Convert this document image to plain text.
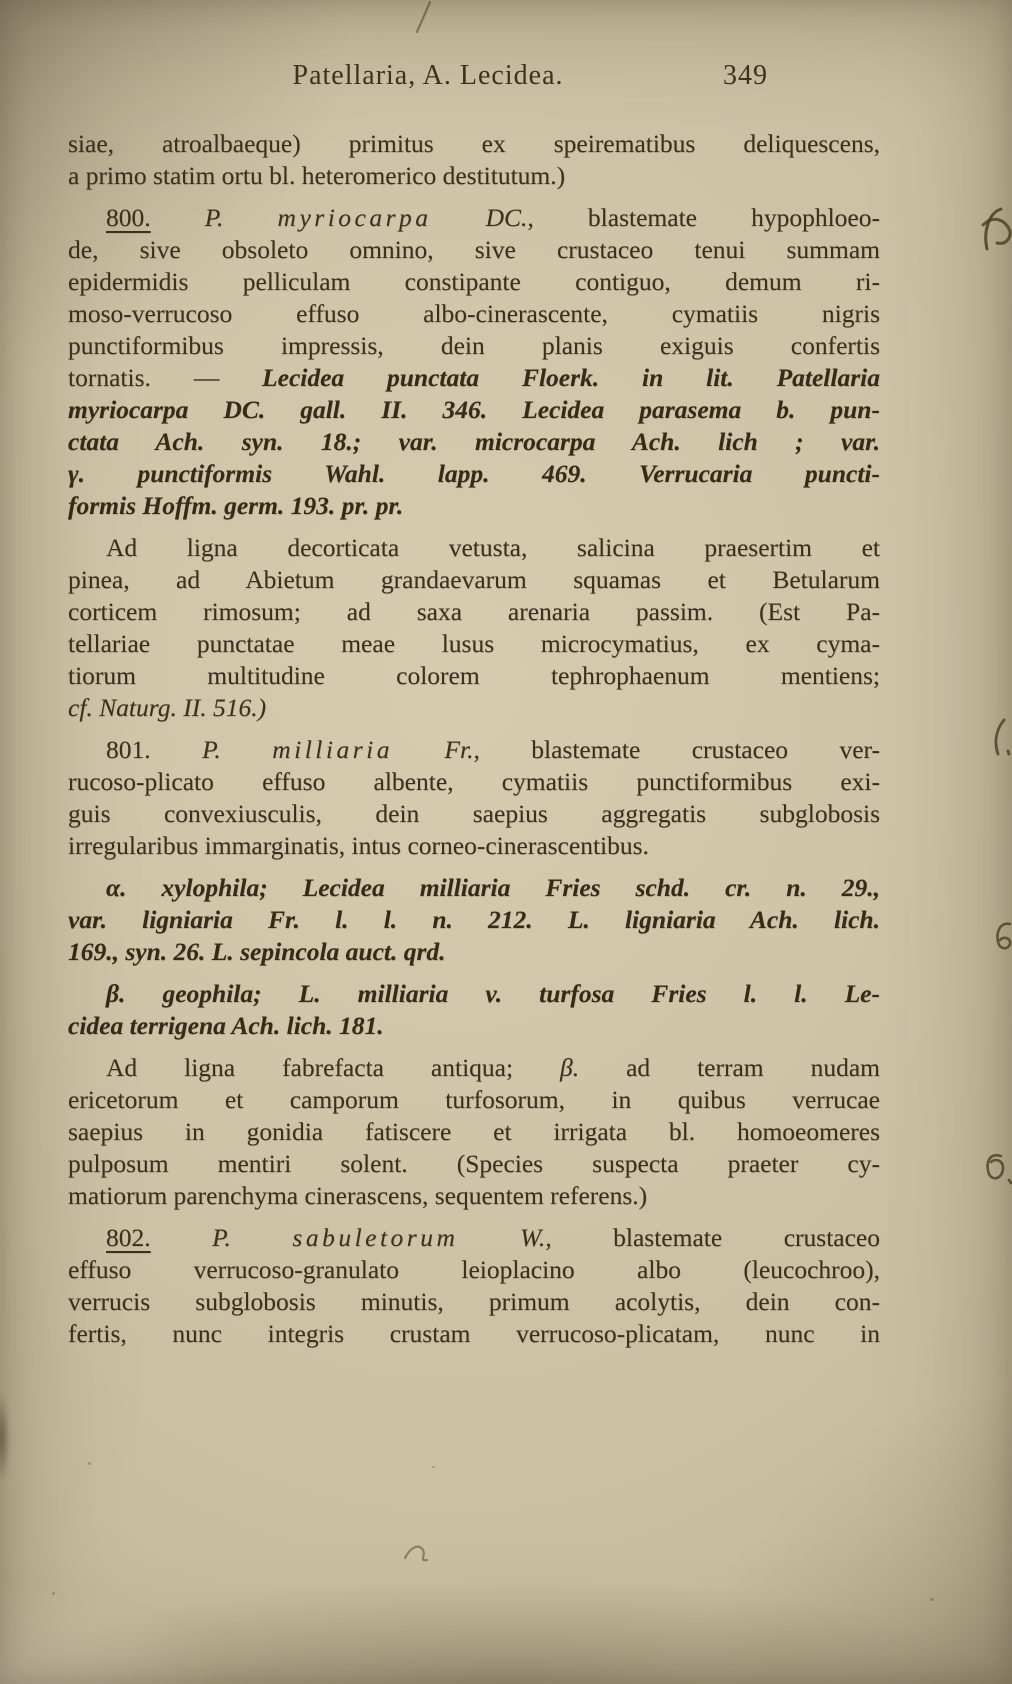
Patellaria, A. Lecidea.	349
siae, atroalbaeque) primitus ex speirematibus deliquescens,
a primo statim ortu bl. heteromerico destitutum.)
800. P. myriocarpa DC., blastemate hypophloeo-
de, sive obsoleto omnino, sive crustaceo tenui summam
epidermidis pelliculam constipante contiguo, demum ri-
moso-verrucoso effuso albo-cinerascente, cymatiis nigris
punctiformibus impressis, dein planis exiguis confertis
tornatis. — Lecidea punctata Floerk. in lit. Patellaria
myriocarpa DC. gall. II. 346. Lecidea parasema b. pun-
ctata Ach. syn. 18.; var. microcarpa Ach. lich ; var.
γ. punctiformis Wahl. lapp. 469. Verrucaria puncti-
formis Hoffm. germ. 193. pr. pr.
Ad ligna decorticata vetusta, salicina praesertim et
pinea, ad Abietum grandaevarum squamas et Betularum
corticem rimosum; ad saxa arenaria passim. (Est Pa-
tellariae punctatae meae lusus microcymatius, ex cyma-
tiorum multitudine colorem tephrophaenum mentiens;
cf. Naturg. II. 516.)
801. P. milliaria Fr., blastemate crustaceo ver-
rucoso-plicato effuso albente, cymatiis punctiformibus exi-
guis convexiusculis, dein saepius aggregatis subglobosis
irregularibus immarginatis, intus corneo-cinerascentibus.
α. xylophila; Lecidea milliaria Fries schd. cr. n. 29.,
var. ligniaria Fr. l. l. n. 212. L. ligniaria Ach. lich.
169., syn. 26. L. sepincola auct. qrd.
β. geophila; L. milliaria v. turfosa Fries l. l. Le-
cidea terrigena Ach. lich. 181.
Ad ligna fabrefacta antiqua; β. ad terram nudam
ericetorum et camporum turfosorum, in quibus verrucae
saepius in gonidia fatiscere et irrigata bl. homoeomeres
pulposum mentiri solent. (Species suspecta praeter cy-
matiorum parenchyma cinerascens, sequentem referens.)
802. P. sabuletorum W., blastemate crustaceo
effuso verrucoso-granulato leioplacino albo (leucochroo),
verrucis subglobosis minutis, primum acolytis, dein con-
fertis, nunc integris crustam verrucoso-plicatam, nunc in
